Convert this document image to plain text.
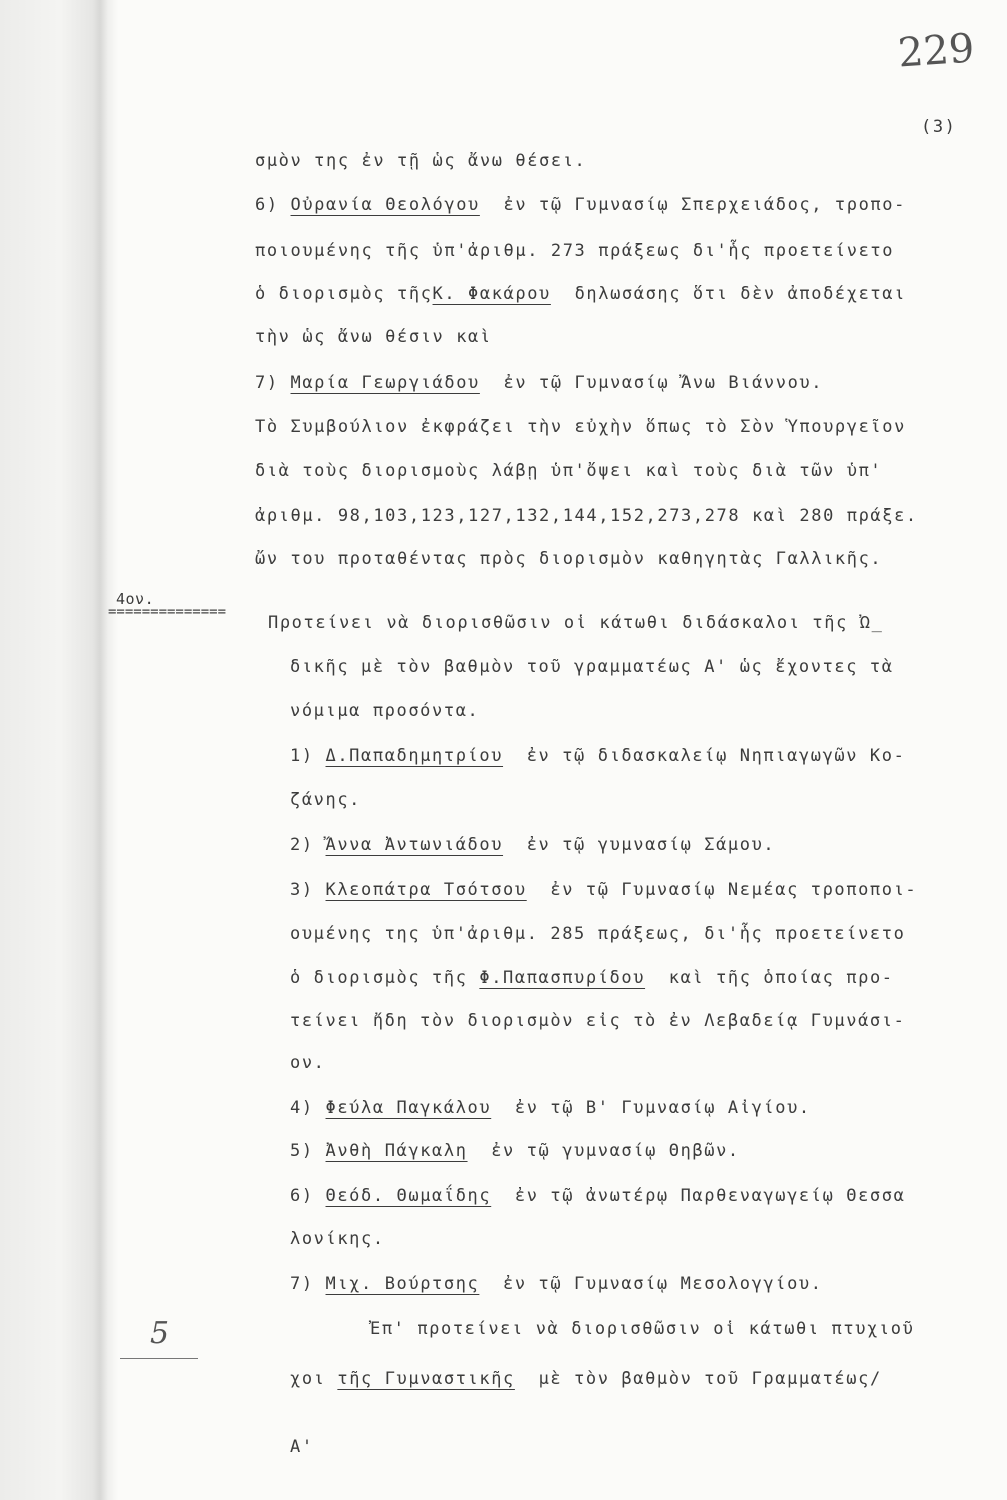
229
(3)
4ον.
==============
5
σμὸν της ἐν τῇ ὡς ἄνω θέσει.
6) Οὐρανία Θεολόγου ἐν τῷ Γυμνασίῳ Σπερχειάδος, τροπο-
ποιουμένης τῆς ὑπ'ἀριθμ. 273 πράξεως δι'ἧς προετείνετο
ὁ διορισμὸς τῆςΚ. Φακάρου δηλωσάσης ὅτι δὲν ἀποδέχεται
τὴν ὡς ἄνω θέσιν καὶ
7) Μαρία Γεωργιάδου ἐν τῷ Γυμνασίῳ Ἄνω Βιάννου.
Τὸ Συμβούλιον ἐκφράζει τὴν εὐχὴν ὅπως τὸ Σὸν Ὑπουργεῖον
διὰ τοὺς διορισμοὺς λάβῃ ὑπ'ὄψει καὶ τοὺς διὰ τῶν ὑπ'
ἀριθμ. 98,103,123,127,132,144,152,273,278 καὶ 280 πράξε.
ὤν του προταθέντας πρὸς διορισμὸν καθηγητὰς Γαλλικῆς.
Προτείνει νὰ διορισθῶσιν οἱ κάτωθι διδάσκαλοι τῆς Ὠ_
δικῆς μὲ τὸν βαθμὸν τοῦ γραμματέως Α' ὡς ἔχοντες τὰ
νόμιμα προσόντα.
1) Δ.Παπαδημητρίου ἐν τῷ διδασκαλείῳ Νηπιαγωγῶν Κο-
ζάνης.
2) Ἄννα Ἀντωνιάδου ἐν τῷ γυμνασίῳ Σάμου.
3) Κλεοπάτρα Τσότσου ἐν τῷ Γυμνασίῳ Νεμέας τροποποι-
ουμένης της ὑπ'ἀριθμ. 285 πράξεως, δι'ἧς προετείνετο
ὁ διορισμὸς τῆς Φ.Παπασπυρίδου καὶ τῆς ὁποίας προ-
τείνει ἤδη τὸν διορισμὸν εἰς τὸ ἐν Λεβαδείᾳ Γυμνάσι-
ον.
4) Φεύλα Παγκάλου ἐν τῷ Β' Γυμνασίῳ Αἰγίου.
5) Ἀνθὴ Πάγκαλη ἐν τῷ γυμνασίῳ Θηβῶν.
6) Θεόδ. Θωμαΐδης ἐν τῷ ἀνωτέρῳ Παρθεναγωγείῳ Θεσσα
λονίκης.
7) Μιχ. Βούρτσης ἐν τῷ Γυμνασίῳ Μεσολογγίου.
Ἐπ' προτείνει νὰ διορισθῶσιν οἱ κάτωθι πτυχιοῦ
χοι τῆς Γυμναστικῆς μὲ τὸν βαθμὸν τοῦ Γραμματέως/
Α'
